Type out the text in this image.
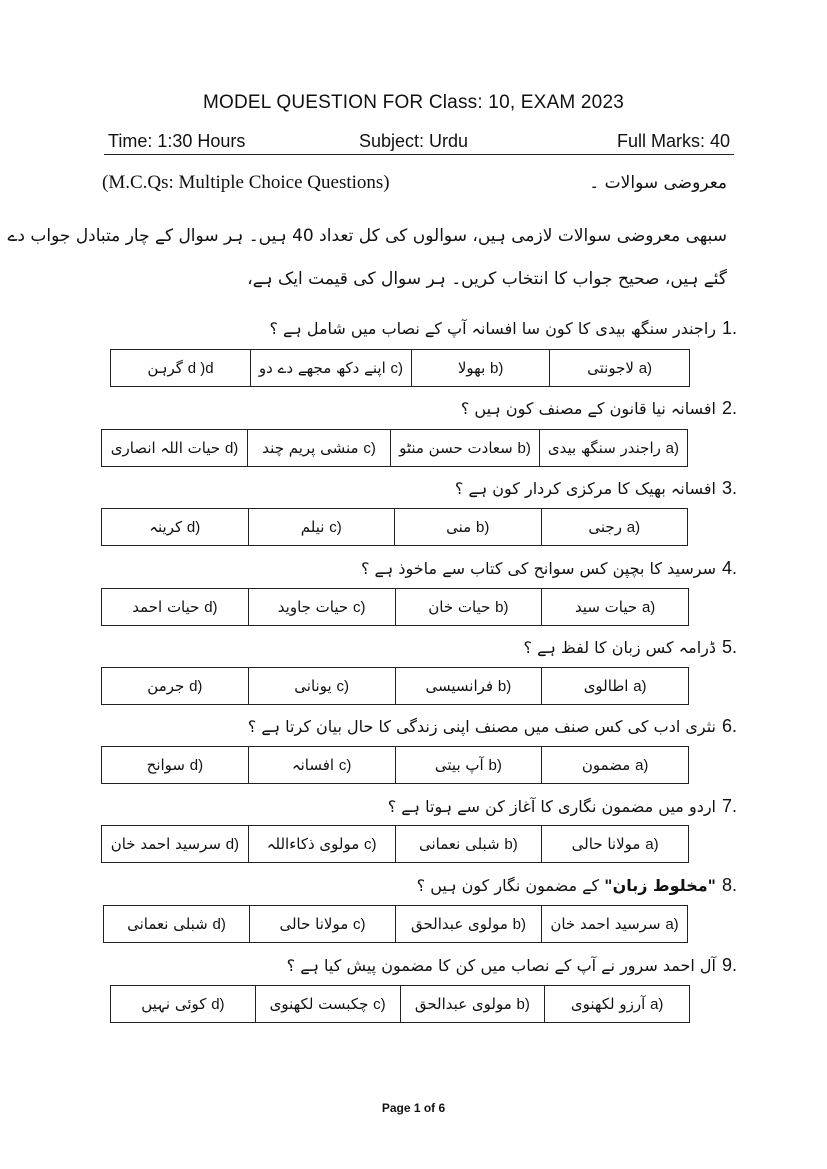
MODEL QUESTION FOR Class: 10, EXAM 2023
Time: 1:30 Hours	Subject: Urdu	Full Marks: 40
(M.C.Qs: Multiple Choice Questions)	معروضی سوالات ۔
سبھی معروضی سوالات لازمی ہیں، سوالوں کی کل تعداد 40 ہیں۔ ہر سوال کے چار متبادل جواب دے
گئے ہیں، صحیح جواب کا انتخاب کریں۔ ہر سوال کی قیمت ایک ہے،
1.راجندر سنگھ بیدی کا کون سا افسانہ آپ کے نصاب میں شامل ہے ؟
a) لاجونتی	b) بھولا	c) اپنے دکھ مجھے دے دو	d )d گرہن
2.افسانہ نیا قانون کے مصنف کون ہیں ؟
a) راجندر سنگھ بیدی	b) سعادت حسن منٹو	c) منشی پریم چند	d) حیات اللہ انصاری
3.افسانہ بھیک کا مرکزی کردار کون ہے ؟
a) رجنی	b) منی	c) نیلم	d) کرینہ
4.سرسید کا بچپن کس سوانح کی کتاب سے ماخوذ ہے ؟
a) حیات سید	b) حیات خان	c) حیات جاوید	d) حیات احمد
5.ڈرامہ کس زبان کا لفظ ہے ؟
a) اطالوی	b) فرانسیسی	c) یونانی	d) جرمن
6.نثری ادب کی کس صنف میں مصنف اپنی زندگی کا حال بیان کرتا ہے ؟
a) مضمون	b) آپ بیتی	c) افسانہ	d) سوانح
7.اردو میں مضمون نگاری کا آغاز کن سے ہوتا ہے ؟
a) مولانا حالی	b) شبلی نعمانی	c) مولوی ذکاءاللہ	d) سرسید احمد خان
8."مخلوط زبان" کے مضمون نگار کون ہیں ؟
a) سرسید احمد خان	b) مولوی عبدالحق	c) مولانا حالی	d) شبلی نعمانی
9.آل احمد سرور نے آپ کے نصاب میں کن کا مضمون پیش کیا ہے ؟
a) آرزو لکھنوی	b) مولوی عبدالحق	c) چکبست لکھنوی	d) کوئی نہیں
Page 1 of 6
